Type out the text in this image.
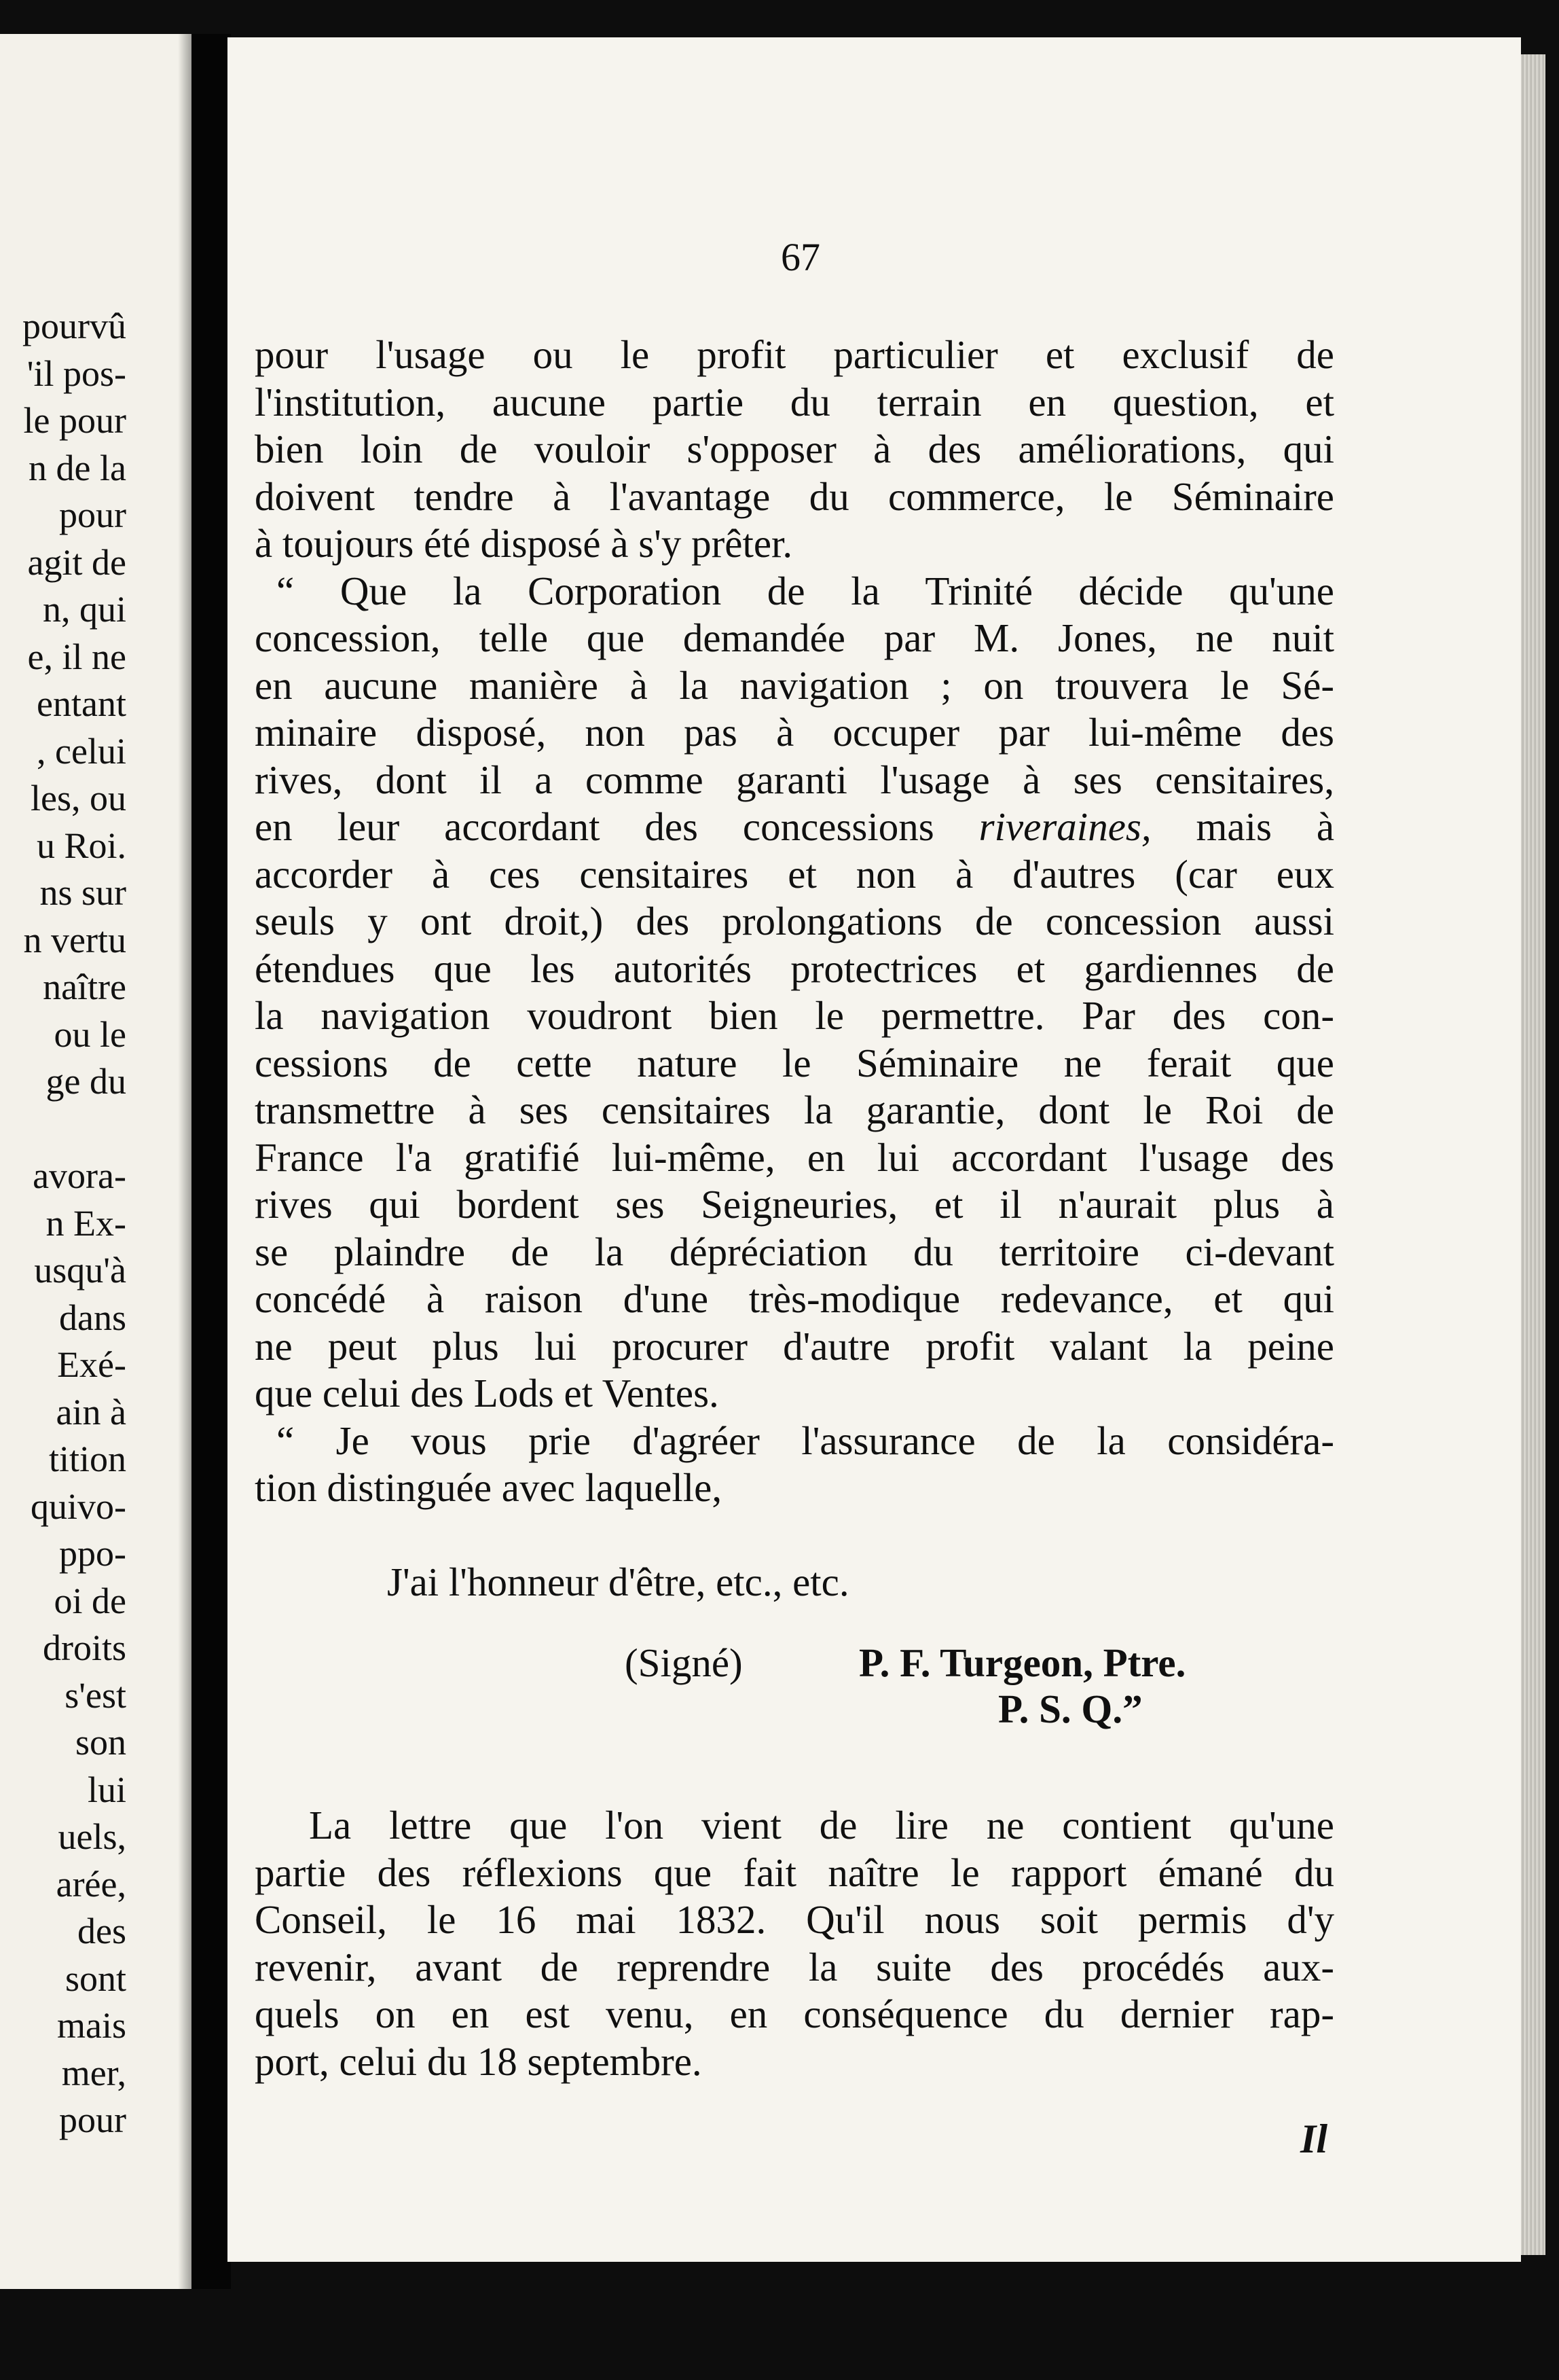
pourvû
'il pos-
le pour
n de la
pour
agit de
n, qui
e, il ne
entant
, celui
les, ou
u Roi.
ns sur
n vertu
naître
ou le
ge du
avora-
n Ex-
usqu'à
dans
Exé-
ain à
tition
quivo-
ppo-
oi de
droits
s'est
son
lui
uels,
arée,
des
sont
mais
mer,
pour
67
pour l'usage ou le profit particulier et exclusif de
l'institution, aucune partie du terrain en question, et
bien loin de vouloir s'opposer à des améliorations, qui
doivent tendre à l'avantage du commerce, le Séminaire
à toujours été disposé à s'y prêter.
“ Que la Corporation de la Trinité décide qu'une
concession, telle que demandée par M. Jones, ne nuit
en aucune manière à la navigation ; on trouvera le Sé-
minaire disposé, non pas à occuper par lui-même des
rives, dont il a comme garanti l'usage à ses censitaires,
en leur accordant des concessions riveraines, mais à
accorder à ces censitaires et non à d'autres (car eux
seuls y ont droit,) des prolongations de concession aussi
étendues que les autorités protectrices et gardiennes de
la navigation voudront bien le permettre. Par des con-
cessions de cette nature le Séminaire ne ferait que
transmettre à ses censitaires la garantie, dont le Roi de
France l'a gratifié lui-même, en lui accordant l'usage des
rives qui bordent ses Seigneuries, et il n'aurait plus à
se plaindre de la dépréciation du territoire ci-devant
concédé à raison d'une très-modique redevance, et qui
ne peut plus lui procurer d'autre profit valant la peine
que celui des Lods et Ventes.
“ Je vous prie d'agréer l'assurance de la considéra-
tion distinguée avec laquelle,
J'ai l'honneur d'être, etc., etc.
(Signé)	P. F. Turgeon, Ptre.
P. S. Q.”
La lettre que l'on vient de lire ne contient qu'une
partie des réflexions que fait naître le rapport émané du
Conseil, le 16 mai 1832. Qu'il nous soit permis d'y
revenir, avant de reprendre la suite des procédés aux-
quels on en est venu, en conséquence du dernier rap-
port, celui du 18 septembre.
Il
